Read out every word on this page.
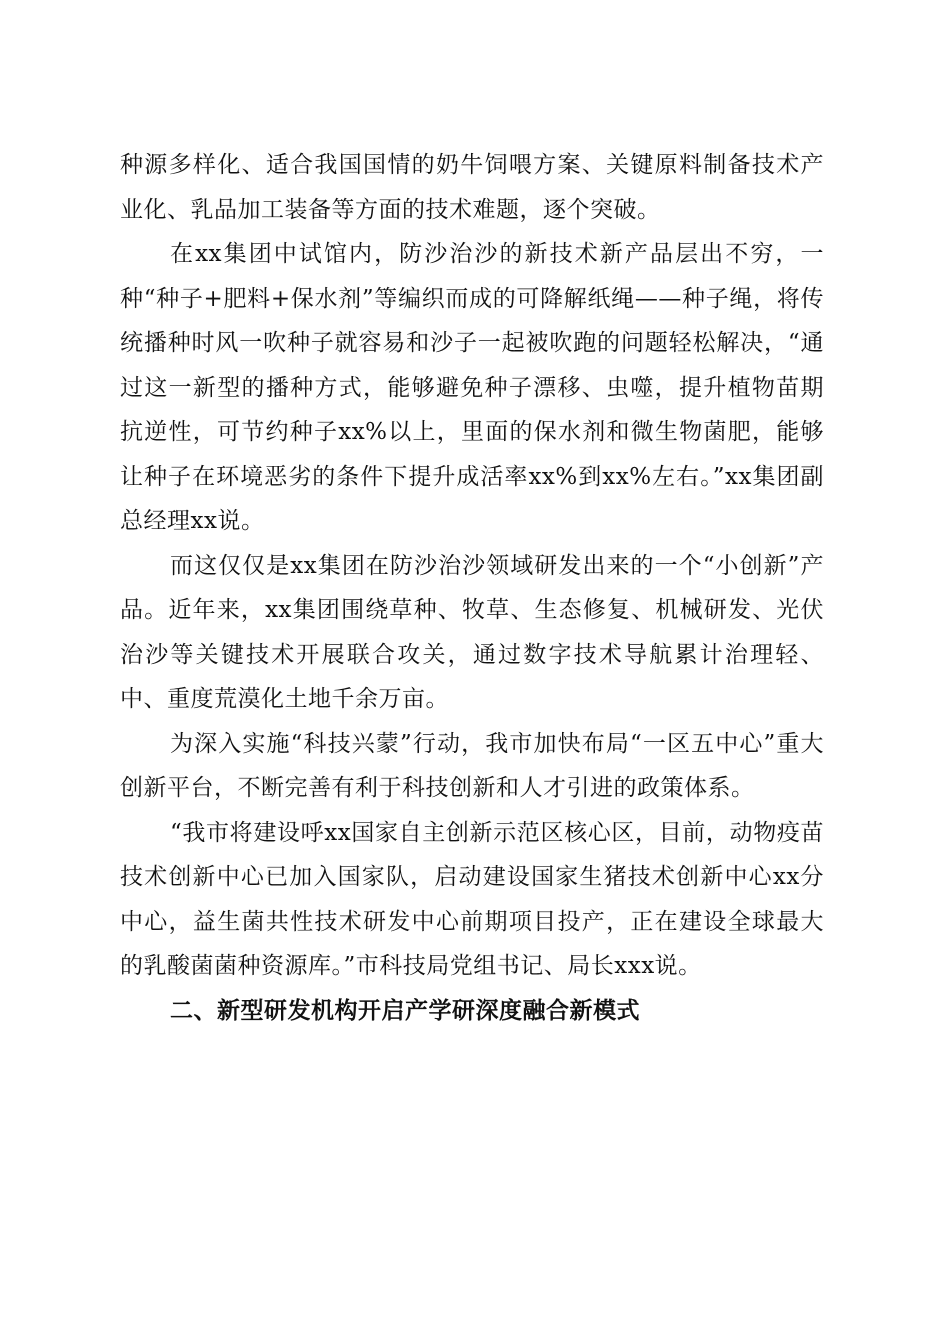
种源多样化、适合我国国情的奶牛饲喂方案、关键原料制备技术产业化、乳品加工装备等方面的技术难题，逐个突破。

在xx集团中试馆内，防沙治沙的新技术新产品层出不穷，一种“种子+肥料+保水剂”等编织而成的可降解纸绳——种子绳，将传统播种时风一吹种子就容易和沙子一起被吹跑的问题轻松解决，“通过这一新型的播种方式，能够避免种子漂移、虫噬，提升植物苗期抗逆性，可节约种子xx%以上，里面的保水剂和微生物菌肥，能够让种子在环境恶劣的条件下提升成活率xx%到xx%左右。”xx集团副总经理xx说。

而这仅仅是xx集团在防沙治沙领域研发出来的一个“小创新”产品。近年来，xx集团围绕草种、牧草、生态修复、机械研发、光伏治沙等关键技术开展联合攻关，通过数字技术导航累计治理轻、中、重度荒漠化土地千余万亩。

为深入实施“科技兴蒙”行动，我市加快布局“一区五中心”重大创新平台，不断完善有利于科技创新和人才引进的政策体系。

“我市将建设呼xx国家自主创新示范区核心区，目前，动物疫苗技术创新中心已加入国家队，启动建设国家生猪技术创新中心xx分中心，益生菌共性技术研发中心前期项目投产，正在建设全球最大的乳酸菌菌种资源库。”市科技局党组书记、局长xxx说。

二、新型研发机构开启产学研深度融合新模式
